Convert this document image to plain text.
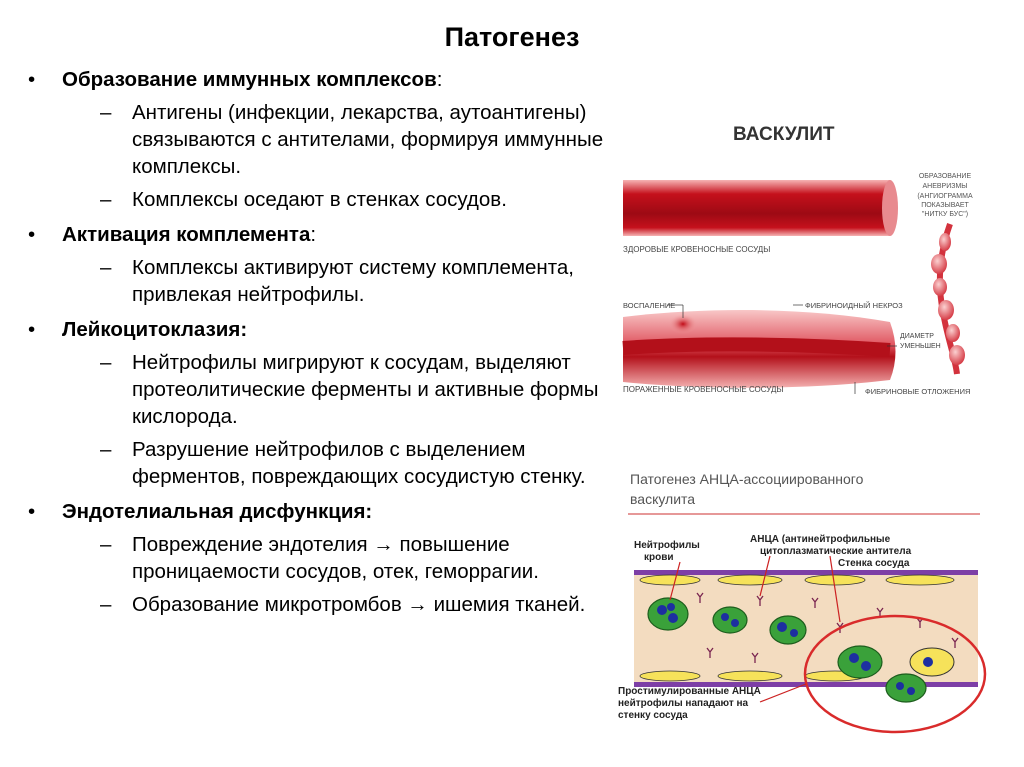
Патогенез
• Образование иммунных комплексов:
– Антигены (инфекции, лекарства, аутоантигены) связываются с антителами, формируя иммунные комплексы.
– Комплексы оседают в стенках сосудов.
• Активация комплемента:
– Комплексы активируют систему комплемента, привлекая нейтрофилы.
• Лейкоцитоклазия:
– Нейтрофилы мигрируют к сосудам, выделяют протеолитические ферменты и активные формы кислорода.
– Разрушение нейтрофилов с выделением ферментов, повреждающих сосудистую стенку.
• Эндотелиальная дисфункция:
– Повреждение эндотелия → повышение проницаемости сосудов, отек, геморрагии.
– Образование микротромбов → ишемия тканей.
ВАСКУЛИТ
ЗДОРОВЫЕ КРОВЕНОСНЫЕ СОСУДЫ
ОБРАЗОВАНИЕ
АНЕВРИЗМЫ
(АНГИОГРАММА
ПОКАЗЫВАЕТ
"НИТКУ БУС")
ВОСПАЛЕНИЕ	ФИБРИНОИДНЫЙ НЕКРОЗ
ДИАМЕТР
УМЕНЬШЕН
ПОРАЖЕННЫЕ КРОВЕНОСНЫЕ СОСУДЫ	ФИБРИНОВЫЕ ОТЛОЖЕНИЯ
Патогенез АНЦА-ассоциированного
васкулита
Нейтрофилы
крови
АНЦА (антинейтрофильные
цитоплазматические антитела
Стенка сосуда
Простимулированные АНЦА
нейтрофилы нападают на
стенку сосуда
